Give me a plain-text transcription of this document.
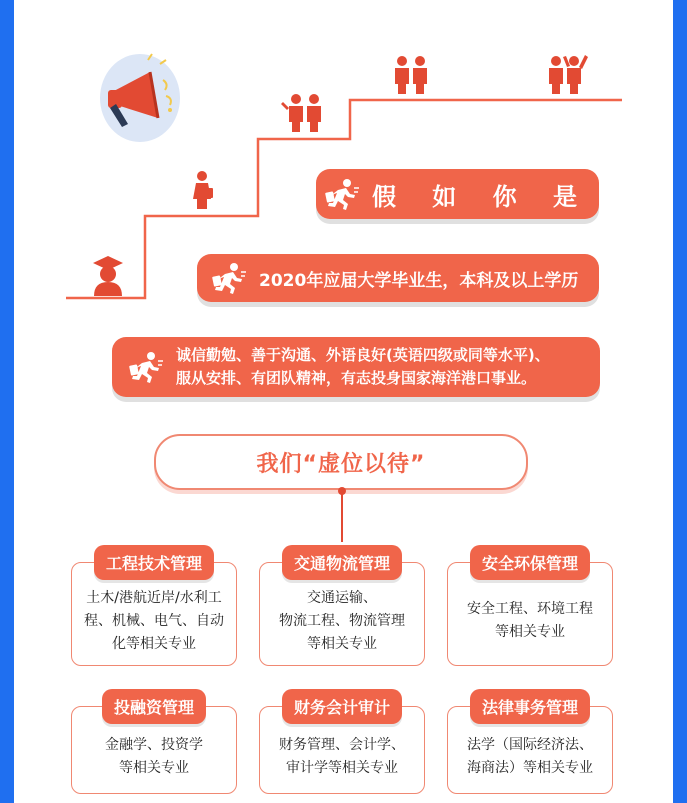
假 如 你 是
2020年应届大学毕业生，本科及以上学历
诚信勤勉、善于沟通、外语良好(英语四级或同等水平)、
服从安排、有团队精神，有志投身国家海洋港口事业。
我们“虚位以待”
工程技术管理
土木/港航近岸/水利工
程、机械、电气、自动
化等相关专业
交通物流管理
交通运输、
物流工程、物流管理
等相关专业
安全环保管理
安全工程、环境工程
等相关专业
投融资管理
金融学、投资学
等相关专业
财务会计审计
财务管理、会计学、
审计学等相关专业
法律事务管理
法学（国际经济法、
海商法）等相关专业
